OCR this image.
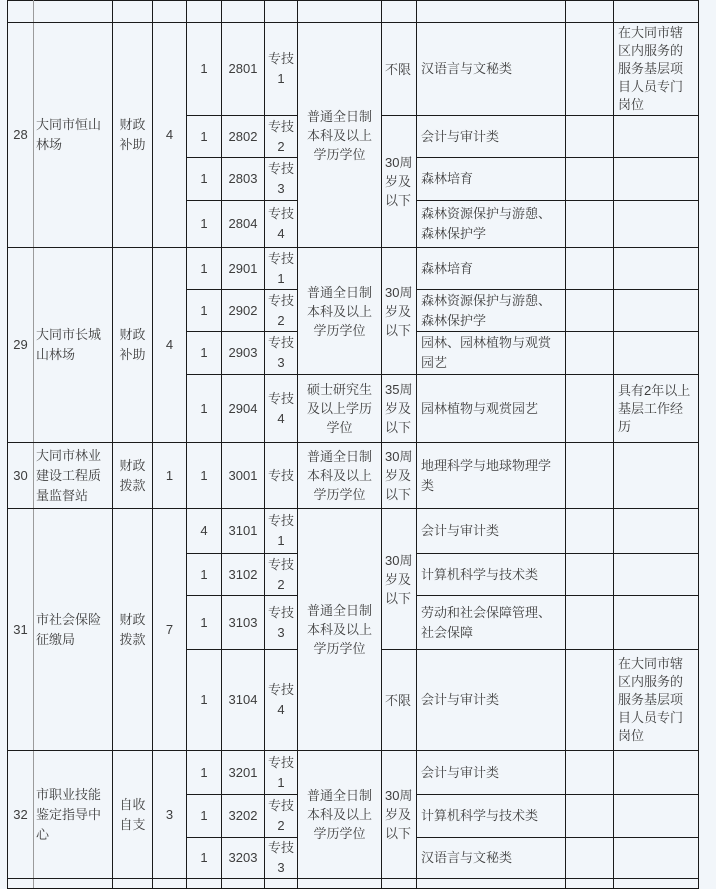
28	大同市恒山林场	财政补助	4	1	2801	专技1	普通全日制本科及以上学历学位	不限	汉语言与文秘类		在大同市辖区内服务的服务基层项目人员专门岗位
				1	2802	专技2		30周岁及以下	会计与审计类		
				1	2803	专技3			森林培育		
				1	2804	专技4			森林资源保护与游憩、森林保护学		
29	大同市长城山林场	财政补助	4	1	2901	专技1	普通全日制本科及以上学历学位	30周岁及以下	森林培育		
				1	2902	专技2			森林资源保护与游憩、森林保护学		
				1	2903	专技3			园林、园林植物与观赏园艺		
				1	2904	专技4	硕士研究生及以上学历学位	35周岁及以下	园林植物与观赏园艺		具有2年以上基层工作经历
30	大同市林业建设工程质量监督站	财政拨款	1	1	3001	专技	普通全日制本科及以上学历学位	30周岁及以下	地理科学与地球物理学类		
31	市社会保险征缴局	财政拨款	7	4	3101	专技1	普通全日制本科及以上学历学位	30周岁及以下	会计与审计类		
				1	3102	专技2			计算机科学与技术类		
				1	3103	专技3			劳动和社会保障管理、社会保障		
				1	3104	专技4		不限	会计与审计类		在大同市辖区内服务的服务基层项目人员专门岗位
32	市职业技能鉴定指导中心	自收自支	3	1	3201	专技1	普通全日制本科及以上学历学位	30周岁及以下	会计与审计类		
				1	3202	专技2			计算机科学与技术类		
				1	3203	专技3			汉语言与文秘类		
